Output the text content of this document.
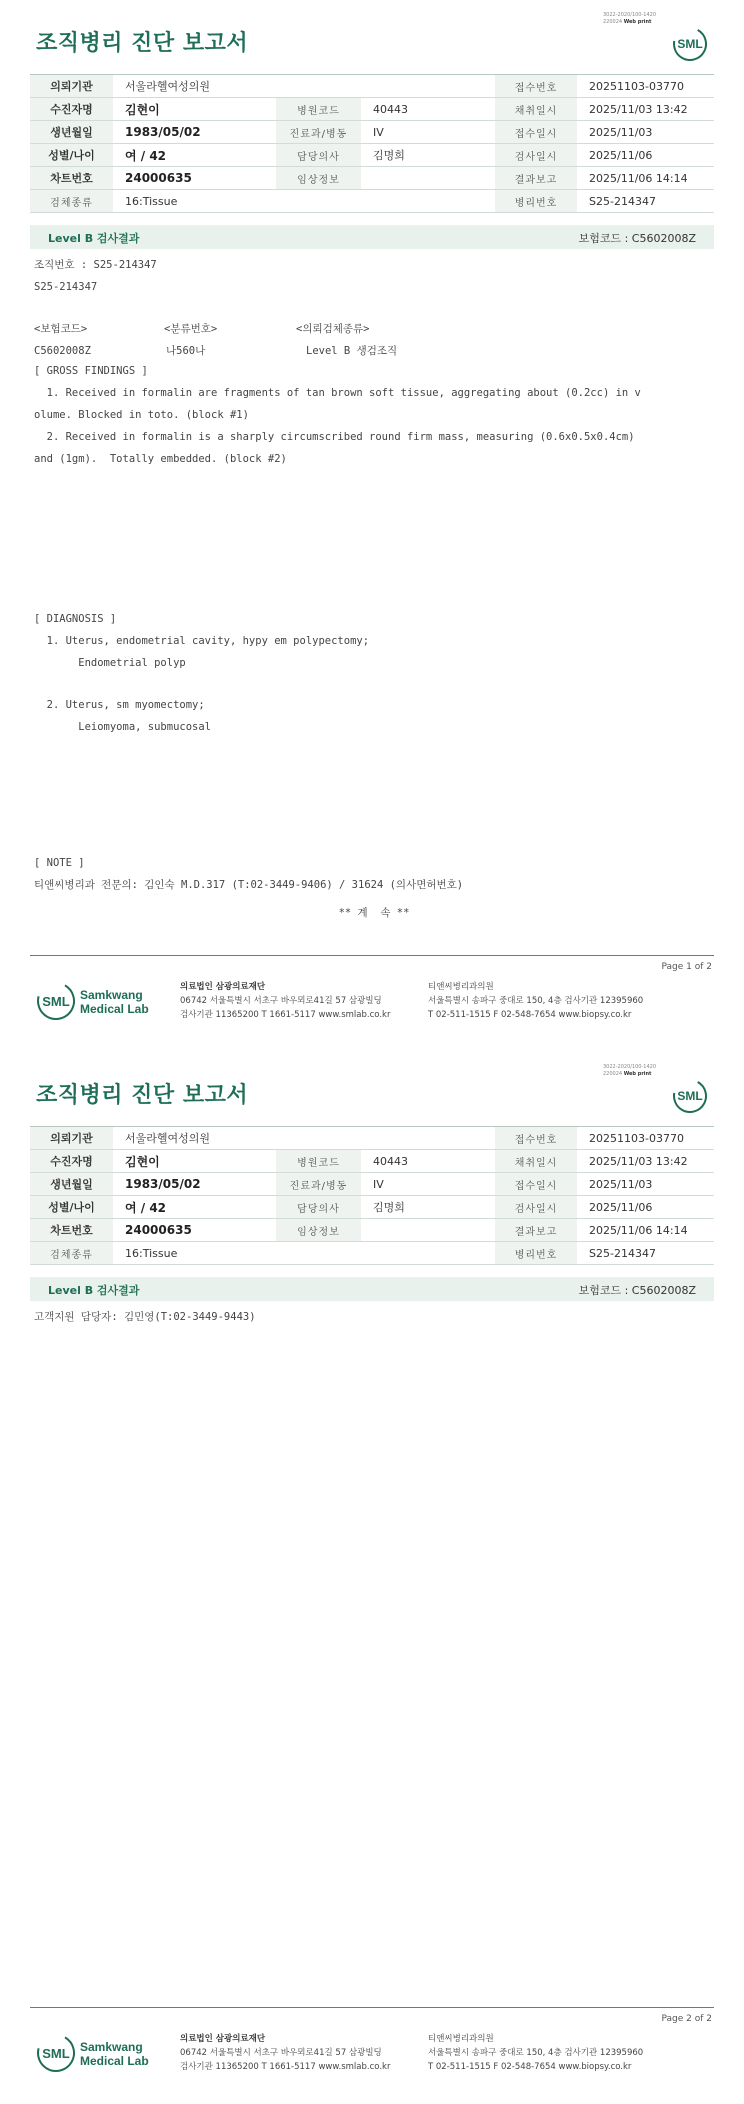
3022-2020/100-1420
220024 Web print
조직병리 진단 보고서	SML
의뢰기관	서울라헬여성의원			접수번호	20251103-03770
수진자명	김현이	병원코드	40443	채취일시	2025/11/03 13:42
생년월일	1983/05/02	진료과/병동	IV	접수일시	2025/11/03
성별/나이	여 / 42	담당의사	김명희	검사일시	2025/11/06
차트번호	24000635	임상정보		결과보고	2025/11/06 14:14
검체종류	16:Tissue			병리번호	S25-214347
Level B 검사결과	보험코드 : C5602008Z
조직번호 : S25-214347
S25-214347
<보험코드>	<분류번호>	<의뢰검체종류>
C5602008Z	나560나	Level B 생검조직
[ GROSS FINDINGS ]
1. Received in formalin are fragments of tan brown soft tissue, aggregating about (0.2cc) in v
olume. Blocked in toto. (block #1)
2. Received in formalin is a sharply circumscribed round firm mass, measuring (0.6x0.5x0.4cm)
and (1gm).  Totally embedded. (block #2)
[ DIAGNOSIS ]
1. Uterus, endometrial cavity, hypy em polypectomy;
Endometrial polyp
2. Uterus, sm myomectomy;
Leiomyoma, submucosal
[ NOTE ]
티앤씨병리과 전문의: 김인숙 M.D.317 (T:02-3449-9406) / 31624 (의사면허번호)
** 계  속 **
Page 1 of 2
SML Samkwang
Medical Lab
의료법인 삼광의료재단
06742 서울특별시 서초구 바우뫼로41길 57 삼광빌딩
검사기관 11365200 T 1661-5117 www.smlab.co.kr
티앤씨병리과의원
서울특별시 송파구 중대로 150, 4층 검사기관 12395960
T 02-511-1515 F 02-548-7654 www.biopsy.co.kr
3022-2020/100-1420
220024 Web print
조직병리 진단 보고서	SML
의뢰기관	서울라헬여성의원			접수번호	20251103-03770
수진자명	김현이	병원코드	40443	채취일시	2025/11/03 13:42
생년월일	1983/05/02	진료과/병동	IV	접수일시	2025/11/03
성별/나이	여 / 42	담당의사	김명희	검사일시	2025/11/06
차트번호	24000635	임상정보		결과보고	2025/11/06 14:14
검체종류	16:Tissue			병리번호	S25-214347
Level B 검사결과	보험코드 : C5602008Z
고객지원 담당자: 김민영(T:02-3449-9443)
Page 2 of 2
SML Samkwang
Medical Lab
의료법인 삼광의료재단
06742 서울특별시 서초구 바우뫼로41길 57 삼광빌딩
검사기관 11365200 T 1661-5117 www.smlab.co.kr
티앤씨병리과의원
서울특별시 송파구 중대로 150, 4층 검사기관 12395960
T 02-511-1515 F 02-548-7654 www.biopsy.co.kr
